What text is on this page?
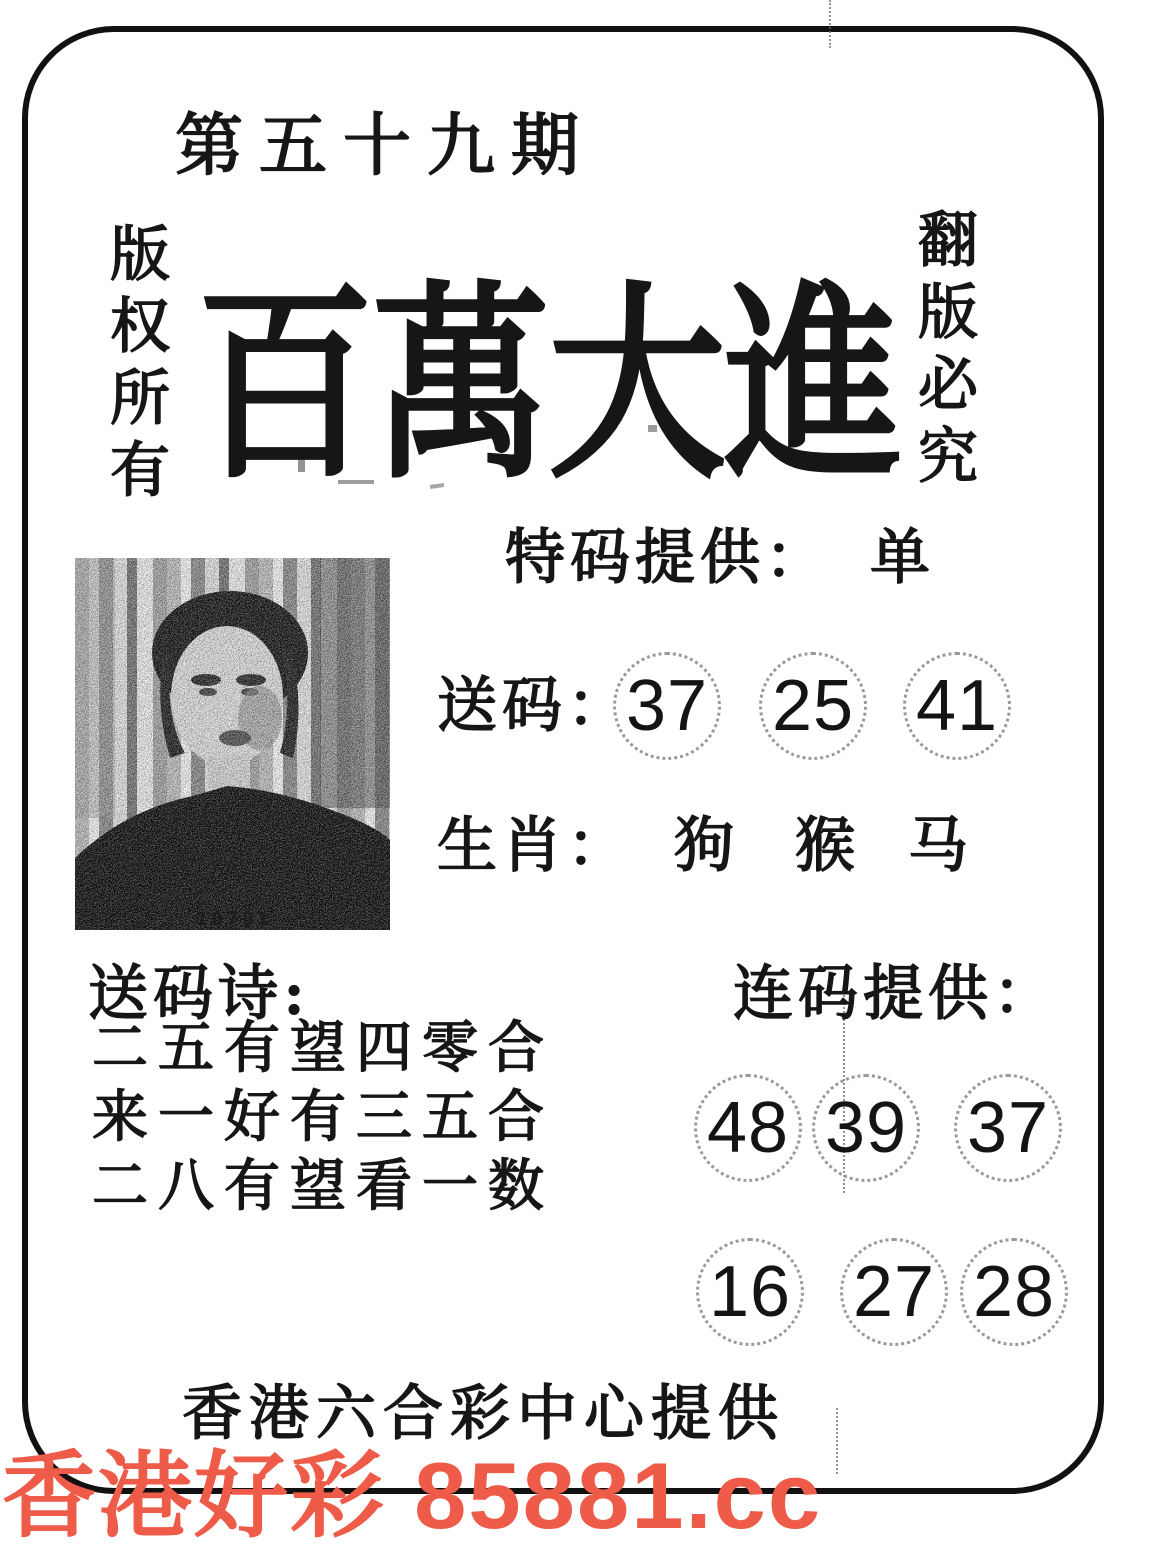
第五十九期
版权所有	翻版必究
百萬大進
特码提供： 单
送码：
37 25 41
生肖： 狗 猴 马
10701
送码诗:
二五有望四零合
来一好有三五合
二八有望看一数
连码提供：
48 39 37
16 27 28
香港六合彩中心提供
香港好彩 85881.cc
